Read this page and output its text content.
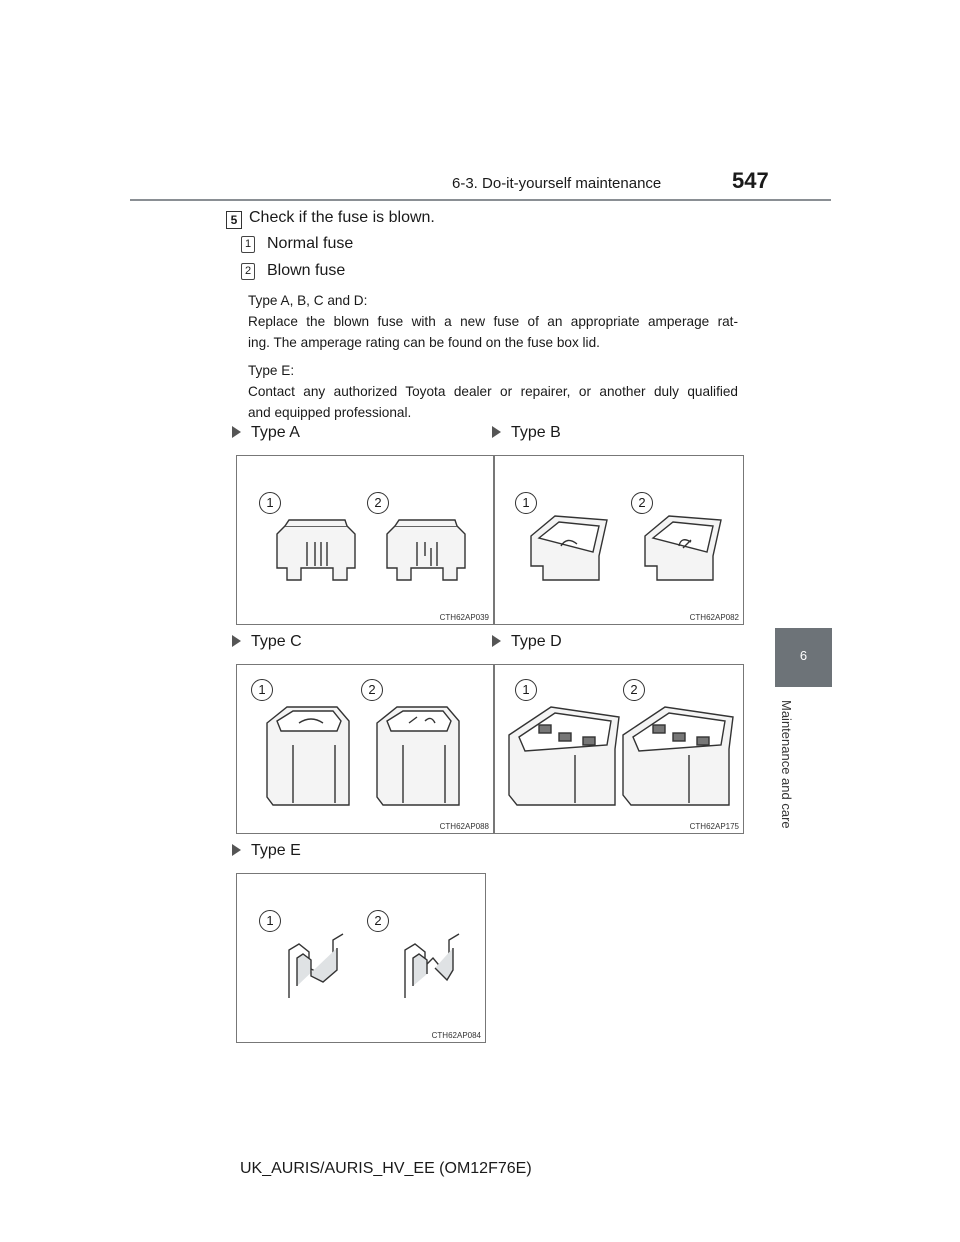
6-3. Do-it-yourself maintenance	547
6
Maintenance and care
5 Check if the fuse is blown.
1 Normal fuse
2 Blown fuse

Type A, B, C and D:

Replace the blown fuse with a new fuse of an appropriate amperage rat-

ing. The amperage rating can be found on the fuse box lid.

Type E:

Contact any authorized Toyota dealer or repairer, or another duly qualified

and equipped professional.

Type A	Type B
Type C	Type D
Type E
1	2
CTH62AP039
1	2
CTH62AP082
1	2
CTH62AP088
1	2
CTH62AP175
1	2
CTH62AP084
UK_AURIS/AURIS_HV_EE (OM12F76E)
